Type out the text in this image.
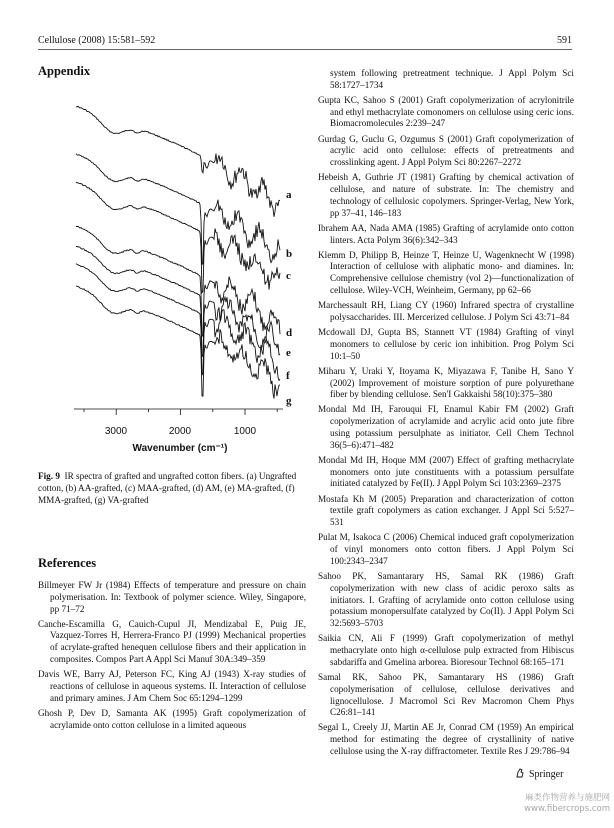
Cellulose (2008) 15:581–592	591
Appendix
a
b
c
d
e
f
g
3000	2000	1000
Wavenumber (cm⁻¹)
Fig. 9 IR spectra of grafted and ungrafted cotton fibers. (a) Ungrafted cotton, (b) AA-grafted, (c) MAA-grafted, (d) AM, (e) MA-grafted, (f) MMA-grafted, (g) VA-grafted
References
Billmeyer FW Jr (1984) Effects of temperature and pressure on chain polymerisation. In: Textbook of polymer science. Wiley, Singapore, pp 71–72
Canche-Escamilla G, Cauich-Cupul JI, Mendizabal E, Puig JE, Vazquez-Torres H, Herrera-Franco PJ (1999) Mechanical properties of acrylate-grafted henequen cellulose fibers and their application in composites. Compos Part A Appl Sci Manuf 30A:349–359
Davis WE, Barry AJ, Peterson FC, King AJ (1943) X-ray studies of reactions of cellulose in aqueous systems. II. Interaction of cellulose and primary amines. J Am Chem Soc 65:1294–1299
Ghosh P, Dev D, Samanta AK (1995) Graft copolymerization of acrylamide onto cotton cellulose in a limited aqueous
system following pretreatment technique. J Appl Polym Sci 58:1727–1734
Gupta KC, Sahoo S (2001) Graft copolymerization of acrylonitrile and ethyl methacrylate comonomers on cellulose using ceric ions. Biomacromolecules 2:239–247
Gurdag G, Guclu G, Ozgumus S (2001) Graft copolymerization of acrylic acid onto cellulose: effects of pretreatments and crosslinking agent. J Appl Polym Sci 80:2267–2272
Hebeish A, Guthrie JT (1981) Grafting by chemical activation of cellulose, and nature of substrate. In: The chemistry and technology of cellulosic copolymers. Springer-Verlag, New York, pp 37–41, 146–183
Ibrahem AA, Nada AMA (1985) Grafting of acrylamide onto cotton linters. Acta Polym 36(6):342–343
Klemm D, Philipp B, Heinze T, Heinze U, Wagenknecht W (1998) Interaction of cellulose with aliphatic mono- and diamines. In: Comprehensive cellulose chemistry (vol 2)—functionalization of cellulose. Wiley-VCH, Weinheim, Germany, pp 62–66
Marchessault RH, Liang CY (1960) Infrared spectra of crystalline polysaccharides. III. Mercerized cellulose. J Polym Sci 43:71–84
Mcdowall DJ, Gupta BS, Stannett VT (1984) Grafting of vinyl monomers to cellulose by ceric ion inhibition. Prog Polym Sci 10:1–50
Miharu Y, Uraki Y, Itoyama K, Miyazawa F, Tanibe H, Sano Y (2002) Improvement of moisture sorption of pure polyurethane fiber by blending cellulose. Sen'I Gakkaishi 58(10):375–380
Mondal Md IH, Farouqui FI, Enamul Kabir FM (2002) Graft copolymerization of acrylamide and acrylic acid onto jute fibre using potassium persulphate as initiator. Cell Chem Technol 36(5–6):471–482
Mondal Md IH, Hoque MM (2007) Effect of grafting methacrylate monomers onto jute constituents with a potassium persulfate initiated catalyzed by Fe(II). J Appl Polym Sci 103:2369–2375
Mostafa Kh M (2005) Preparation and characterization of cotton textile graft copolymers as cation exchanger. J Appl Sci 5:527–531
Pulat M, Isakoca C (2006) Chemical induced graft copolymerization of vinyl monomers onto cotton fibers. J Appl Polym Sci 100:2343–2347
Sahoo PK, Samantarary HS, Samal RK (1986) Graft copolymerization with new class of acidic peroxo salts as initiators. I. Grafting of acrylamide onto cotton cellulose using potassium monopersulfate catalyzed by Co(II). J Appl Polym Sci 32:5693–5703
Saikia CN, Ali F (1999) Graft copolymerization of methyl methacrylate onto high α-cellulose pulp extracted from Hibiscus sabdariffa and Gmelina arborea. Bioresour Technol 68:165–171
Samal RK, Sahoo PK, Samantarary HS (1986) Graft copolymerisation of cellulose, cellulose derivatives and lignocellulose. J Macromol Sci Rev Macromon Chem Phys C26:81–141
Segal L, Creely JJ, Martin AE Jr, Conrad CM (1959) An empirical method for estimating the degree of crystallinity of native cellulose using the X-ray diffractometer. Textile Res J 29:786–94
Springer
麻类作物营养与施肥网
www.fibercrops.com
